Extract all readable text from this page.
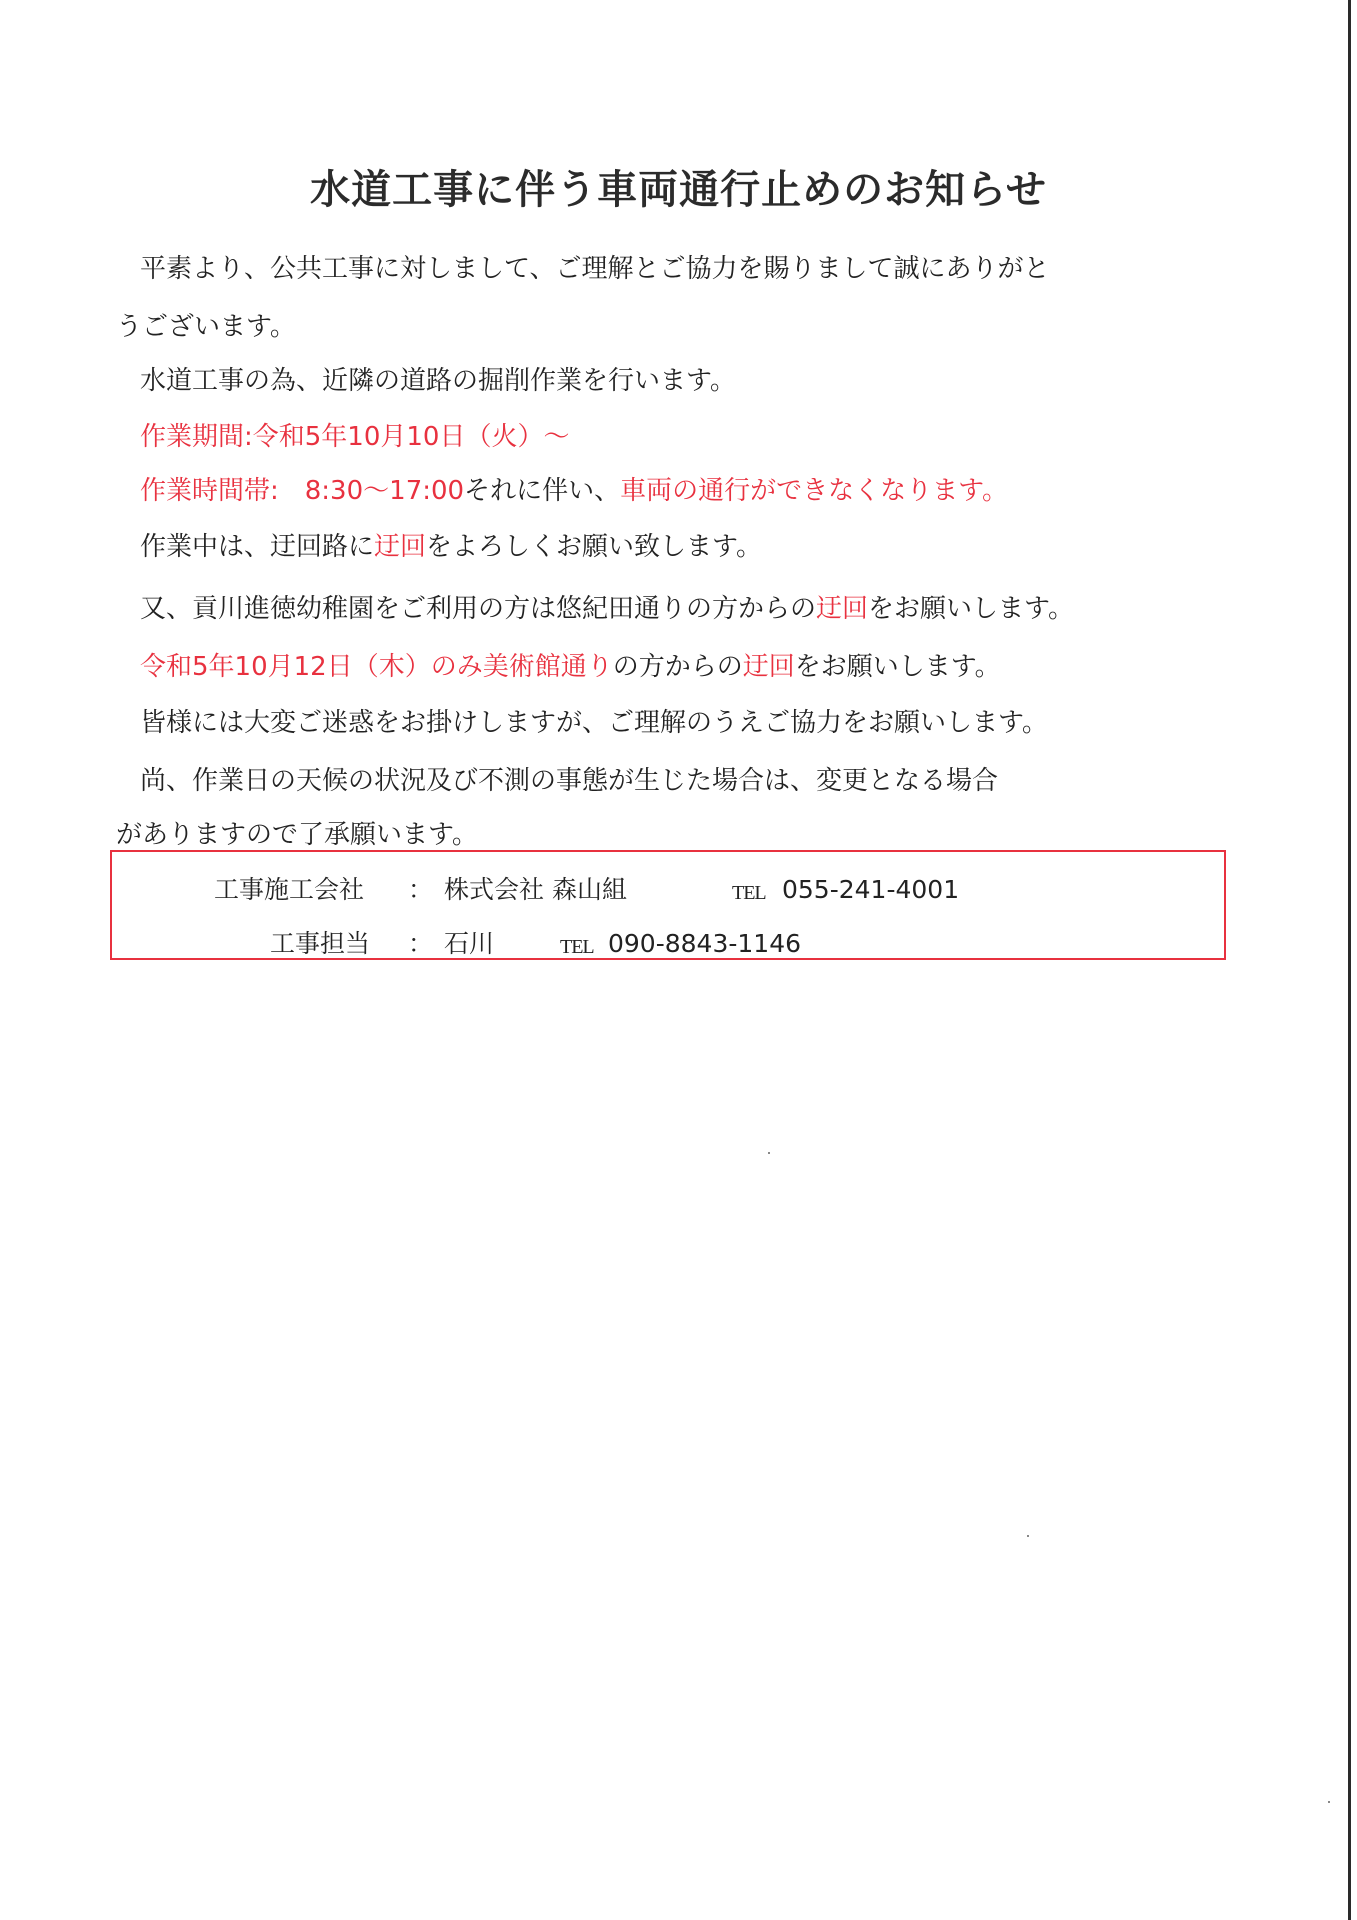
水道工事に伴う車両通行止めのお知らせ

平素より、公共工事に対しまして、ご理解とご協力を賜りまして誠にありがと

うございます。

水道工事の為、近隣の道路の掘削作業を行います。

作業期間:令和5年10月10日（火）～

作業時間帯:　8:30～17:00それに伴い、車両の通行ができなくなります。

作業中は、迂回路に迂回をよろしくお願い致します。

又、貢川進徳幼稚園をご利用の方は悠紀田通りの方からの迂回をお願いします。

令和5年10月12日（木）のみ美術館通りの方からの迂回をお願いします。

皆様には大変ご迷惑をお掛けしますが、ご理解のうえご協力をお願いします。

尚、作業日の天候の状況及び不測の事態が生じた場合は、変更となる場合

がありますので了承願います。

工事施工会社 ： 株式会社 森山組	TEL 055-241-4001
工事担当 ： 石川	TEL 090-8843-1146
